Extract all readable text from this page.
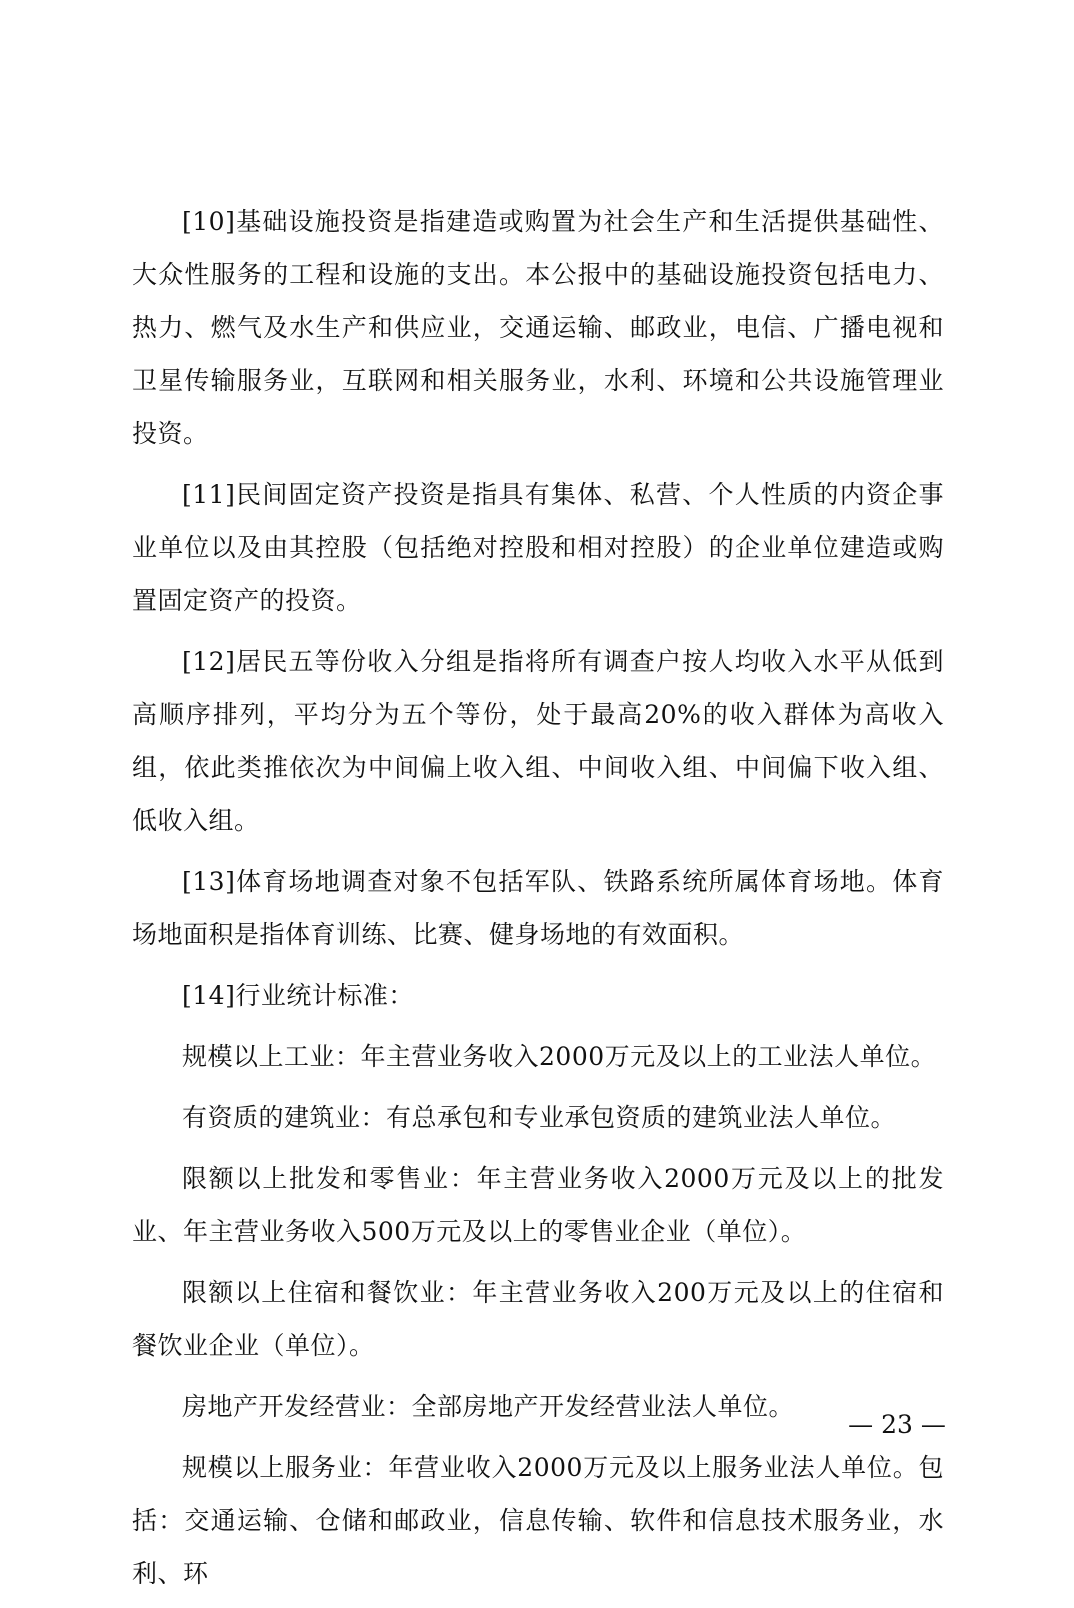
[10]基础设施投资是指建造或购置为社会生产和生活提供基础性、大众性服务的工程和设施的支出。本公报中的基础设施投资包括电力、热力、燃气及水生产和供应业，交通运输、邮政业，电信、广播电视和卫星传输服务业，互联网和相关服务业，水利、环境和公共设施管理业投资。

[11]民间固定资产投资是指具有集体、私营、个人性质的内资企事业单位以及由其控股（包括绝对控股和相对控股）的企业单位建造或购置固定资产的投资。

[12]居民五等份收入分组是指将所有调查户按人均收入水平从低到高顺序排列，平均分为五个等份，处于最高20%的收入群体为高收入组，依此类推依次为中间偏上收入组、中间收入组、中间偏下收入组、低收入组。

[13]体育场地调查对象不包括军队、铁路系统所属体育场地。体育场地面积是指体育训练、比赛、健身场地的有效面积。

[14]行业统计标准：

规模以上工业：年主营业务收入2000万元及以上的工业法人单位。

有资质的建筑业：有总承包和专业承包资质的建筑业法人单位。

限额以上批发和零售业：年主营业务收入2000万元及以上的批发业、年主营业务收入500万元及以上的零售业企业（单位）。

限额以上住宿和餐饮业：年主营业务收入200万元及以上的住宿和餐饮业企业（单位）。

房地产开发经营业：全部房地产开发经营业法人单位。

规模以上服务业：年营业收入2000万元及以上服务业法人单位。包括：交通运输、仓储和邮政业，信息传输、软件和信息技术服务业，水利、环

— 23 —
